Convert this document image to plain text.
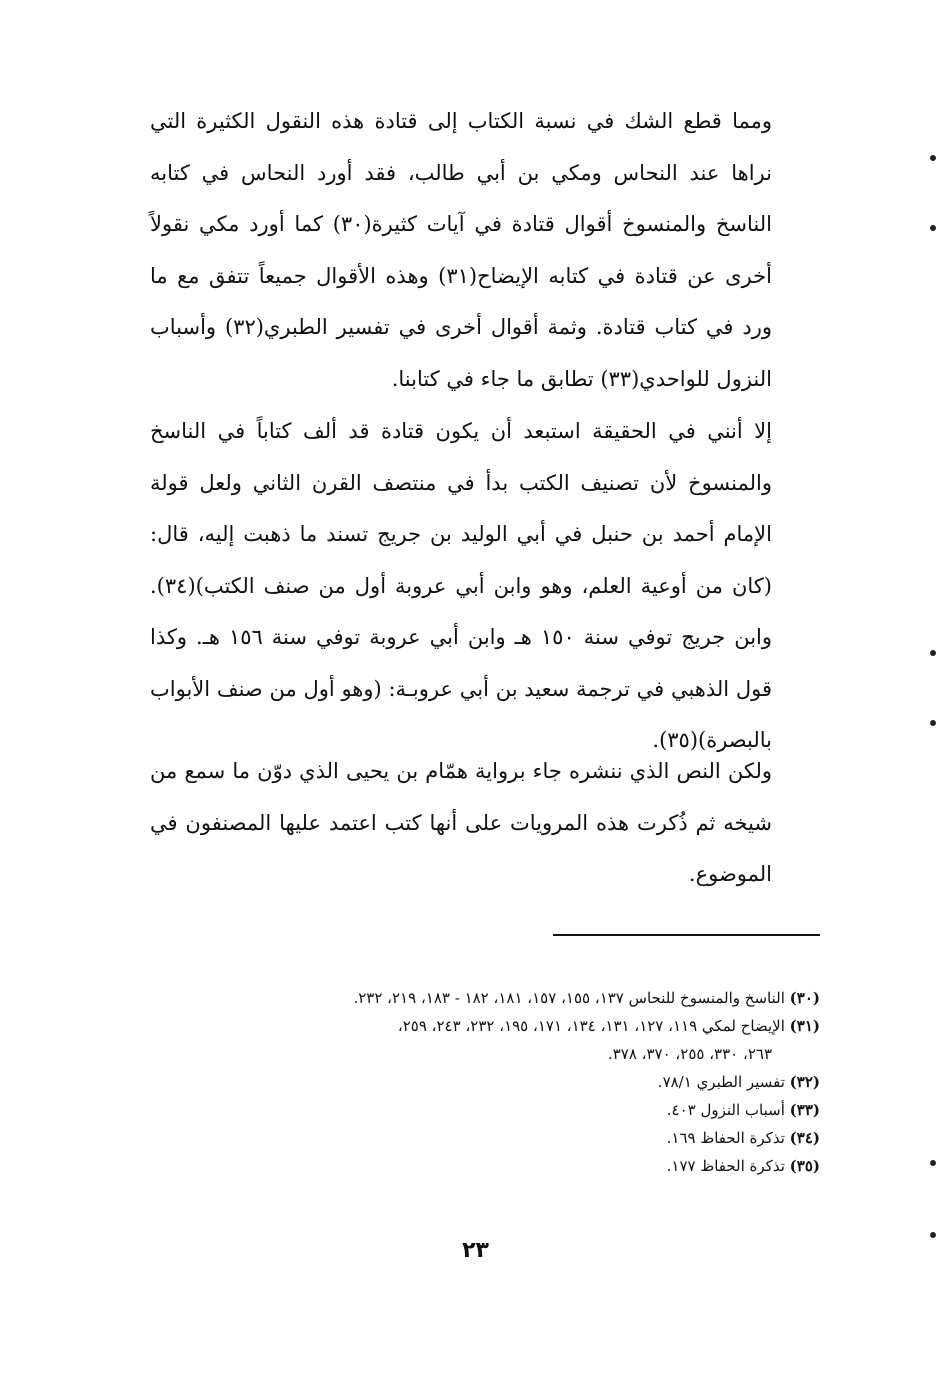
ومما قطع الشك في نسبة الكتاب إلى قتادة هذه النقول الكثيرة التي نراها عند النحاس ومكي بن أبي طالب، فقد أورد النحاس في كتابه الناسخ والمنسوخ أقوال قتادة في آيات كثيرة(٣٠) كما أورد مكي نقولاً أخرى عن قتادة في كتابه الإيضاح(٣١) وهذه الأقوال جميعاً تتفق مع ما ورد في كتاب قتادة. وثمة أقوال أخرى في تفسير الطبري(٣٢) وأسباب النزول للواحدي(٣٣) تطابق ما جاء في كتابنا.

إلا أنني في الحقيقة استبعد أن يكون قتادة قد ألف كتاباً في الناسخ والمنسوخ لأن تصنيف الكتب بدأ في منتصف القرن الثاني ولعل قولة الإمام أحمد بن حنبل في أبي الوليد بن جريج تسند ما ذهبت إليه، قال: (كان من أوعية العلم، وهو وابن أبي عروبة أول من صنف الكتب)(٣٤). وابن جريج توفي سنة ١٥٠ هـ وابن أبي عروبة توفي سنة ١٥٦ هـ. وكذا قول الذهبي في ترجمة سعيد بن أبي عروبـة: (وهو أول من صنف الأبواب بالبصرة)(٣٥).

ولكن النص الذي ننشره جاء برواية همّام بن يحيى الذي دوّن ما سمع من شيخه ثم ذُكرت هذه المرويات على أنها كتب اعتمد عليها المصنفون في الموضوع.

(٣٠) الناسخ والمنسوخ للنحاس ١٣٧، ١٥٥، ١٥٧، ١٨١، ١٨٢ - ١٨٣، ٢١٩، ٢٣٢.

(٣١) الإيضاح لمكي ١١٩، ١٢٧، ١٣١، ١٣٤، ١٧١، ١٩٥، ٢٣٢، ٢٤٣، ٢٥٩،

٢٦٣، ٣٣٠، ٢٥٥، ٣٧٠، ٣٧٨.

(٣٢) تفسير الطبري ٧٨/١.

(٣٣) أسباب النزول ٤٠٣.

(٣٤) تذكرة الحفاظ ١٦٩.

(٣٥) تذكرة الحفاظ ١٧٧.

٢٣
